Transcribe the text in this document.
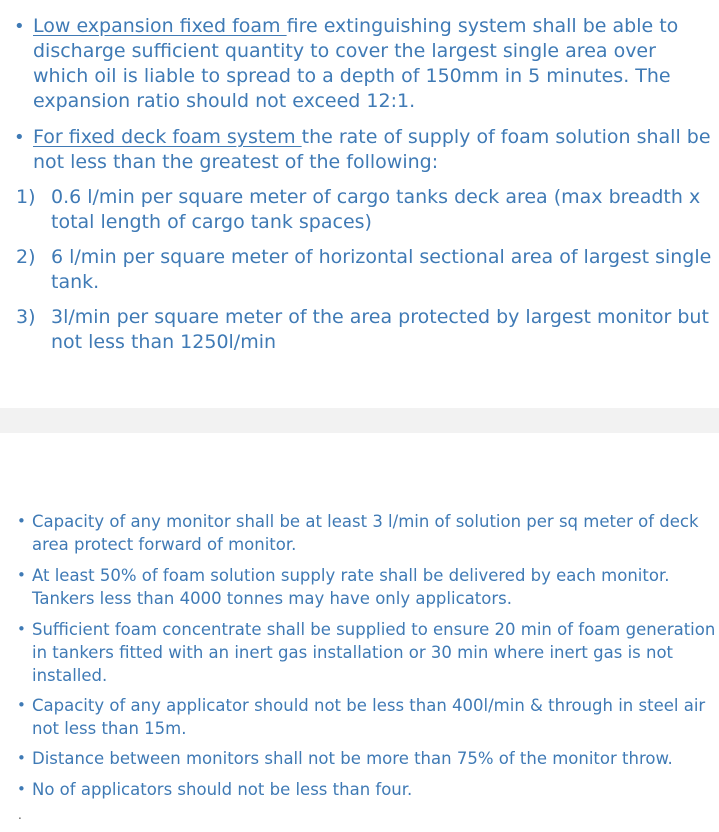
• Low expansion fixed foam fire extinguishing system shall be able to discharge sufficient quantity to cover the largest single area over which oil is liable to spread to a depth of 150mm in 5 minutes. The expansion ratio should not exceed 12:1.
• For fixed deck foam system the rate of supply of foam solution shall be not less than the greatest of the following:
1) 0.6 l/min per square meter of cargo tanks deck area (max breadth x total length of cargo tank spaces)
2) 6 l/min per square meter of horizontal sectional area of largest single tank.
3) 3l/min per square meter of the area protected by largest monitor but not less than 1250l/min
• Capacity of any monitor shall be at least 3 l/min of solution per sq meter of deck area protect forward of monitor.
• At least 50% of foam solution supply rate shall be delivered by each monitor. Tankers less than 4000 tonnes may have only applicators.
• Sufficient foam concentrate shall be supplied to ensure 20 min of foam generation in tankers fitted with an inert gas installation or 30 min where inert gas is not installed.
• Capacity of any applicator should not be less than 400l/min & through in steel air not less than 15m.
• Distance between monitors shall not be more than 75% of the monitor throw.
• No of applicators should not be less than four.
.
